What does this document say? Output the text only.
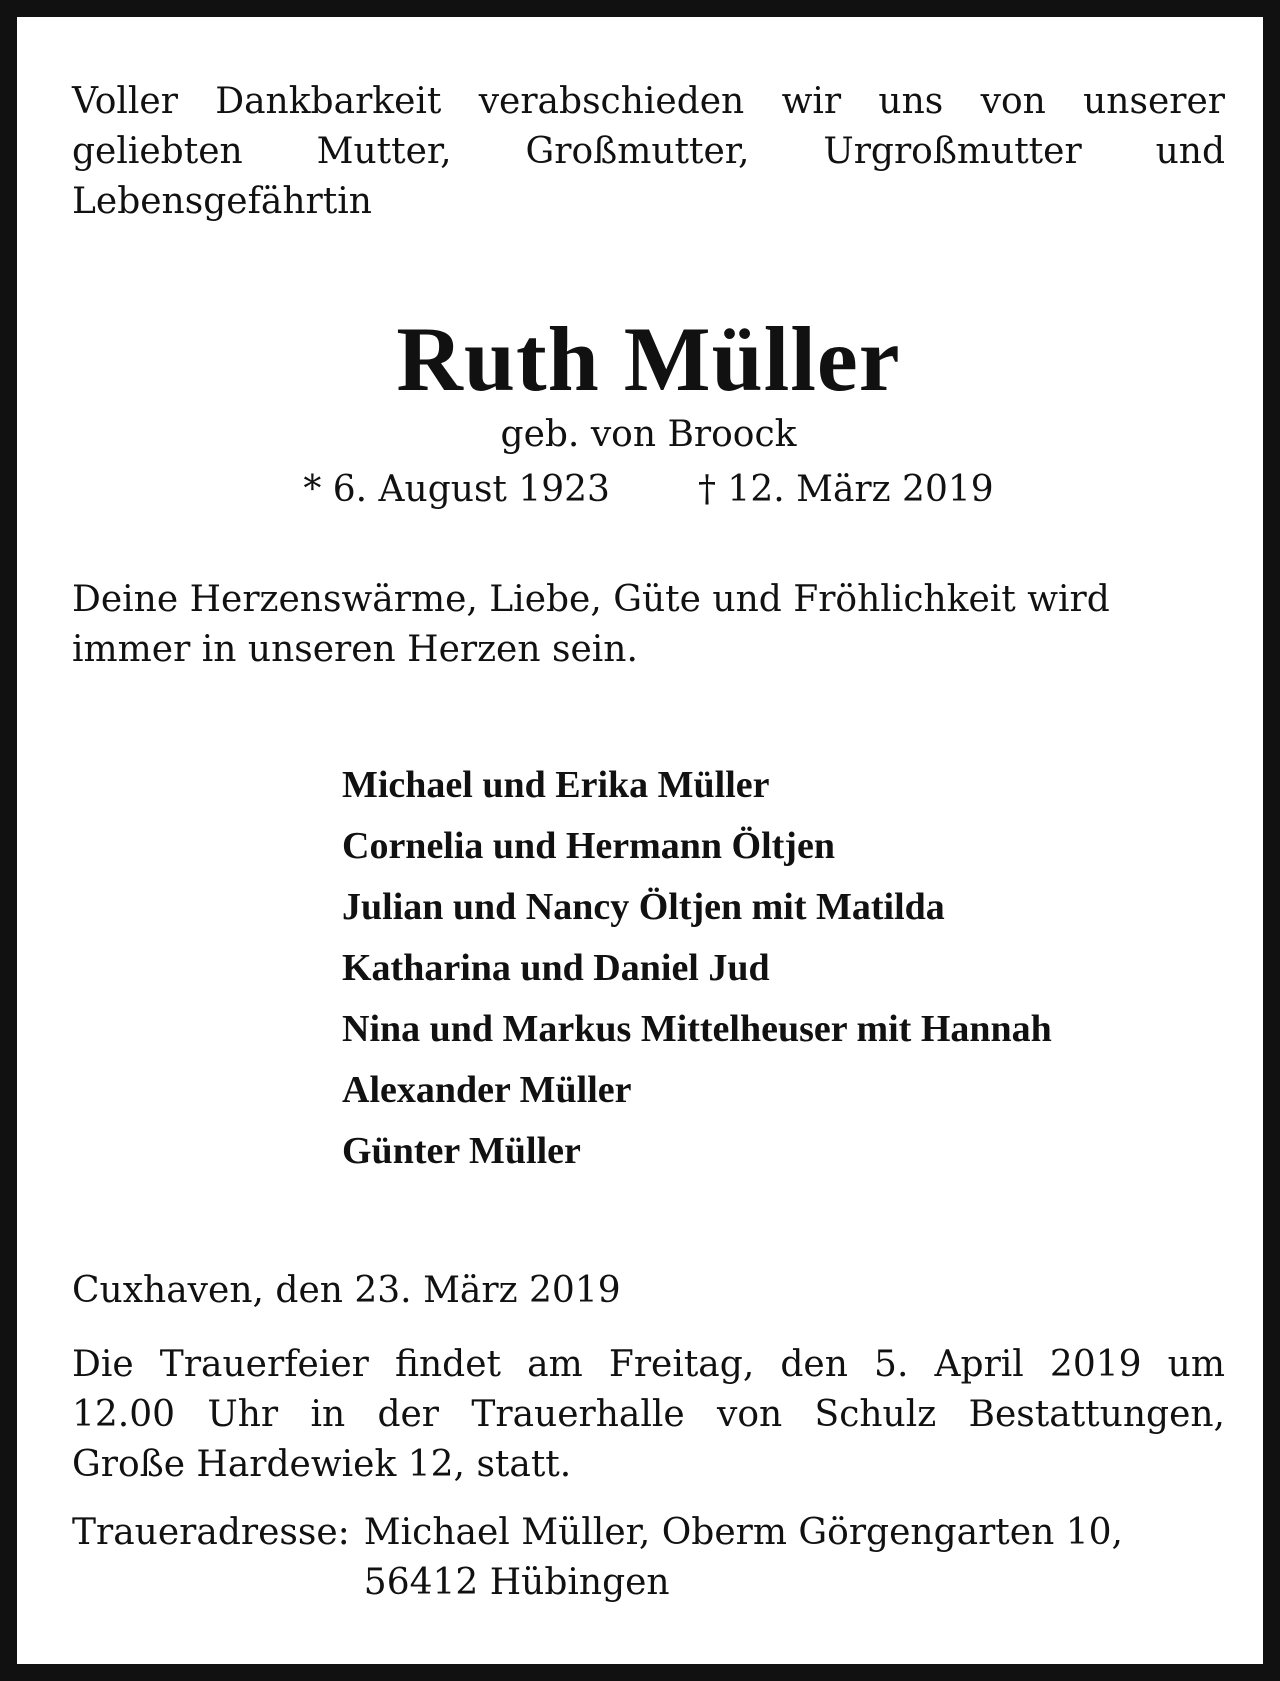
Voller Dankbarkeit verabschieden wir uns von unserer
geliebten Mutter, Großmutter, Urgroßmutter und
Lebensgefährtin

Ruth Müller

geb. von Broock

* 6. August 1923 † 12. März 2019

Deine Herzenswärme, Liebe, Güte und Fröhlichkeit wird
immer in unseren Herzen sein.

Michael und Erika Müller
Cornelia und Hermann Öltjen
Julian und Nancy Öltjen mit Matilda
Katharina und Daniel Jud
Nina und Markus Mittelheuser mit Hannah
Alexander Müller
Günter Müller

Cuxhaven, den 23. März 2019

Die Trauerfeier findet am Freitag, den 5. April 2019 um
12.00 Uhr in der Trauerhalle von Schulz Bestattungen,
Große Hardewiek 12, statt.

Traueradresse: Michael Müller, Oberm Görgengarten 10,
56412 Hübingen
